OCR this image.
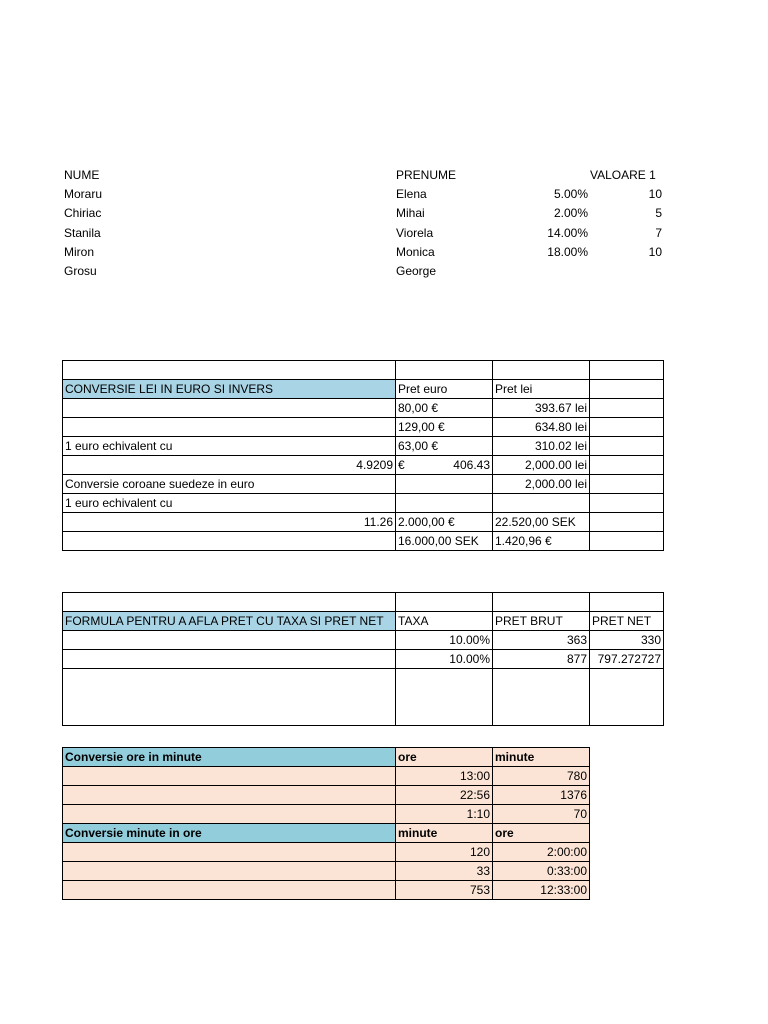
NUME	PRENUME	VALOARE 1
Moraru	Elena	5.00%	10
Chiriac	Mihai	2.00%	5
Stanila	Viorela	14.00%	7
Miron	Monica	18.00%	10
Grosu	George

CONVERSIE LEI IN EURO SI INVERS	Pret euro	Pret lei	
	80,00 €	393.67 lei	
	129,00 €	634.80 lei	
1 euro echivalent cu	63,00 €	310.02 lei	
4.9209	€ 406.43	2,000.00 lei	
Conversie coroane suedeze in euro		2,000.00 lei	
1 euro echivalent cu			
11.26	2.000,00 €	22.520,00 SEK	
	16.000,00 SEK	1.420,96 €	

FORMULA PENTRU A AFLA PRET CU TAXA SI PRET NET	TAXA	PRET BRUT	PRET NET
	10.00%	363	330
	10.00%	877	797.272727

Conversie ore in minute	ore	minute
	13:00	780
	22:56	1376
	1:10	70
Conversie minute in ore	minute	ore
	120	2:00:00
	33	0:33:00
	753	12:33:00
